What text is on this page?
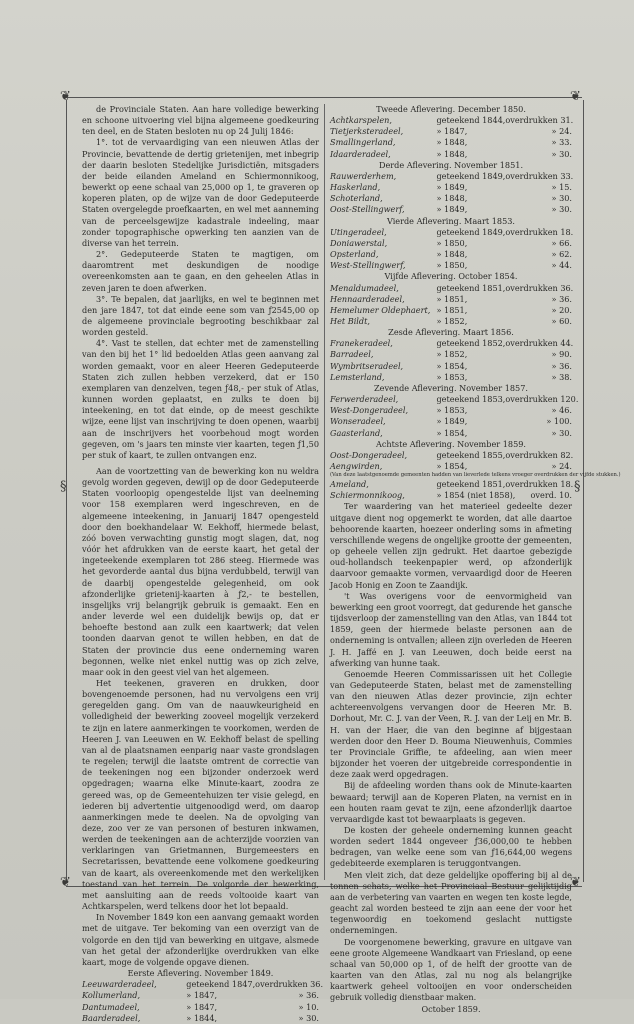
❦	❦
❦	❦
§	§

de Provinciale Staten. Aan hare volledige bewerking en schoone uitvoering viel bijna algemeene goedkeuring ten deel, en de Staten besloten nu op 24 Julij 1846:

1°. tot de vervaardiging van een nieuwen Atlas der Provincie, bevattende de dertig grietenijen, met inbegrip der daarin besloten Stedelijke Jurisdictiën, mitsgaders der beide eilanden Ameland en Schiermonnikoog, bewerkt op eene schaal van 25,000 op 1, te graveren op koperen platen, op de wijze van de door Gedeputeerde Staten overgelegde proefkaarten, en wel met aanneming van de perceelsgewijze kadastrale indeeling, maar zonder topographische opwerking ten aanzien van de diverse van het terrein.

2°. Gedeputeerde Staten te magtigen, om daaromtrent met deskundigen de noodige overeenkomsten aan te gaan, en den geheelen Atlas in zeven jaren te doen afwerken.

3°. Te bepalen, dat jaarlijks, en wel te beginnen met den jare 1847, tot dat einde eene som van ƒ2545,00 op de algemeene provinciale begrooting beschikbaar zal worden gesteld.

4°. Vast te stellen, dat echter met de zamenstelling van den bij het 1° lid bedoelden Atlas geen aanvang zal worden gemaakt, voor en aleer Heeren Gedeputeerde Staten zich zullen hebben verzekerd, dat er 150 exemplaren van denzelven, tegen ƒ48,- per stuk of Atlas, kunnen worden geplaatst, en zulks te doen bij inteekening, en tot dat einde, op de meest geschikte wijze, eene lijst van inschrijving te doen openen, waarbij aan de inschrijvers het voorbehoud mogt worden gegeven, om 's jaars ten minste vier kaarten, tegen ƒ1,50 per stuk of kaart, te zullen ontvangen enz.

Aan de voortzetting van de bewerking kon nu weldra gevolg worden gegeven, dewijl op de door Gedeputeerde Staten voorloopig opengestelde lijst van deelneming voor 158 exemplaren werd ingeschreven, en de algemeene inteekening, in Januarij 1847 opengesteld door den boekhandelaar W. Eekhoff, hiermede belast, zóó boven verwachting gunstig mogt slagen, dat, nog vóór het afdrukken van de eerste kaart, het getal der ingeteekende exemplaren tot 286 steeg. Hiermede was het gevorderde aantal dus bijna verdubbeld, terwijl van de daarbij opengestelde gelegenheid, om ook afzonderlijke grietenij-kaarten à ƒ2,- te bestellen, insgelijks vrij belangrijk gebruik is gemaakt. Een en ander leverde wel een duidelijk bewijs op, dat er behoefte bestond aan zulk een kaartwerk; dat velen toonden daarvan genot te willen hebben, en dat de Staten der provincie dus eene onderneming waren begonnen, welke niet enkel nuttig was op zich zelve, maar ook in den geest viel van het algemeen.

Het teekenen, graveren en drukken, door bovengenoemde personen, had nu vervolgens een vrij geregelden gang. Om van de naauwkeurigheid en volledigheid der bewerking zooveel mogelijk verzekerd te zijn en latere aanmerkingen te voorkomen, werden de Heeren J. van Leeuwen en W. Eekhoff belast de spelling van al de plaatsnamen eenparig naar vaste grondslagen te regelen; terwijl die laatste omtrent de correctie van de teekeningen nog een bijzonder onderzoek werd opgedragen; waarna elke Minute-kaart, zoodra ze gereed was, op de Gemeentehuizen ter visie gelegd, en iederen bij advertentie uitgenoodigd werd, om daarop aanmerkingen mede te deelen. Na de opvolging van deze, zoo ver ze van personen of besturen inkwamen, werden de teekeningen aan de achterzijde voorzien van verklaringen van Grietmannen, Burgemeesters en Secretarissen, bevattende eene volkomene goedkeuring van de kaart, als overeenkomende met den werkelijken toestand van het terrein. De volgorde der bewerking, met aansluiting aan de reeds voltooide kaart van Achtkarspelen, werd telkens door het lot bepaald.

In November 1849 kon een aanvang gemaakt worden met de uitgave. Ter bekoming van een overzigt van de volgorde en den tijd van bewerking en uitgave, alsmede van het getal der afzonderlijke overdrukken van elke kaart, moge de volgende opgave dienen.

Eerste Aflevering. November 1849.

Leeuwarderadeel,	geteekend 1847, overdrukken 36.
Kollumerland,	» 1847,	» 36.
Dantumadeel,	» 1847,	» 10.
Baarderadeel,	» 1844,	» 30.

Tweede Aflevering. December 1850.

Achtkarspelen,	geteekend 1844, overdrukken 31.
Tietjerksteradeel,	» 1847,	» 24.
Smallingerland,	» 1848,	» 33.
Idaarderadeel,	» 1848,	» 30.

Derde Aflevering. November 1851.

Rauwerderhem,	geteekend 1849, overdrukken 33.
Haskerland,	» 1849,	» 15.
Schoterland,	» 1848,	» 30.
Oost-Stellingwerf,	» 1849,	» 30.

Vierde Aflevering. Maart 1853.

Utingeradeel,	geteekend 1849, overdrukken 18.
Doniawerstal,	» 1850,	» 66.
Opsterland,	» 1848,	» 62.
West-Stellingwerf,	» 1850,	» 44.

Vijfde Aflevering. October 1854.

Menaldumadeel,	geteekend 1851, overdrukken 36.
Hennaarderadeel,	» 1851,	» 36.
Hemelumer Oldephaert, » 1851,	» 20.
Het Bildt,	» 1852,	» 60.

Zesde Aflevering. Maart 1856.

Franekeradeel,	geteekend 1852, overdrukken 44.
Barradeel,	» 1852,	» 90.
Wymbritseradeel,	» 1854,	» 36.
Lemsterland,	» 1853,	» 38.

Zevende Aflevering. November 1857.

Ferwerderadeel,	geteekend 1853, overdrukken 120.
West-Dongeradeel,	» 1853,	» 46.
Wonseradeel,	» 1849,	» 100.
Gaasterland,	» 1854,	» 30.

Achtste Aflevering. November 1859.

Oost-Dongeradeel,	geteekend 1855, overdrukken 82.
Aengwirden,	» 1854,	» 24.

(Van deze laatstgenoemde gemeenten hadden van lieverlede telkens vroeger overdrukken der vijfde stukken.)

Ameland,	geteekend 1851, overdrukken 18.
Schiermonnikoog,	» 1854 (niet 1858), overd. 10.

Ter waardering van het materieel gedeelte dezer uitgave dient nog opgemerkt te worden, dat alle daartoe behoorende kaarten, hoezeer onderling soms in afmeting verschillende wegens de ongelijke grootte der gemeenten, op geheele vellen zijn gedrukt. Het daartoe gebezigde oud-hollandsch teekenpapier werd, op afzonderlijk daarvoor gemaakte vormen, vervaardigd door de Heeren Jacob Honig en Zoon te Zaandijk.

't Was overigens voor de eenvormigheid van bewerking een groot voorregt, dat gedurende het gansche tijdsverloop der zamenstelling van den Atlas, van 1844 tot 1859, geen der hiermede belaste personen aan de onderneming is ontvallen; alleen zijn overleden de Heeren J. H. Jaffé en J. van Leeuwen, doch beide eerst na afwerking van hunne taak.

Genoemde Heeren Commissarissen uit het Collegie van Gedeputeerde Staten, belast met de zamenstelling van den nieuwen Atlas dezer provincie, zijn echter achtereenvolgens vervangen door de Heeren Mr. B. Dorhout, Mr. C. J. van der Veen, R. J. van der Leij en Mr. B. H. van der Haer, die van den beginne af bijgestaan werden door den Heer D. Bouma Nieuwenhuis, Commies ter Provinciale Griffie, te afdeeling, aan wien meer bijzonder het voeren der uitgebreide correspondentie in deze zaak werd opgedragen.

Bij de afdeeling worden thans ook de Minute-kaarten bewaard; terwijl aan de Koperen Platen, na vernist en in een houten raam gevat te zijn, eene afzonderlijk daartoe vervaardigde kast tot bewaarplaats is gegeven.

De kosten der geheele onderneming kunnen geacht worden sedert 1844 ongeveer ƒ36,000,00 te hebben bedragen, van welke eene som van ƒ16,644,00 wegens gedebiteerde exemplaren is teruggontvangen.

Men vleit zich, dat deze geldelijke opoffering bij al de tonnen schats, welke het Provinciaal Bestuur gelijktijdig aan de verbetering van vaarten en wegen ten koste legde, geacht zal worden besteed te zijn aan eene der voor het tegenwoordig en toekomend geslacht nuttigste ondernemingen.

De voorgenomene bewerking, gravure en uitgave van eene groote Algemeene Wandkaart van Friesland, op eene schaal van 50,000 op 1, of de helft der grootte van de kaarten van den Atlas, zal nu nog als belangrijke kaartwerk geheel voltooijen en voor onderscheiden gebruik volledig dienstbaar maken.

October 1859.
